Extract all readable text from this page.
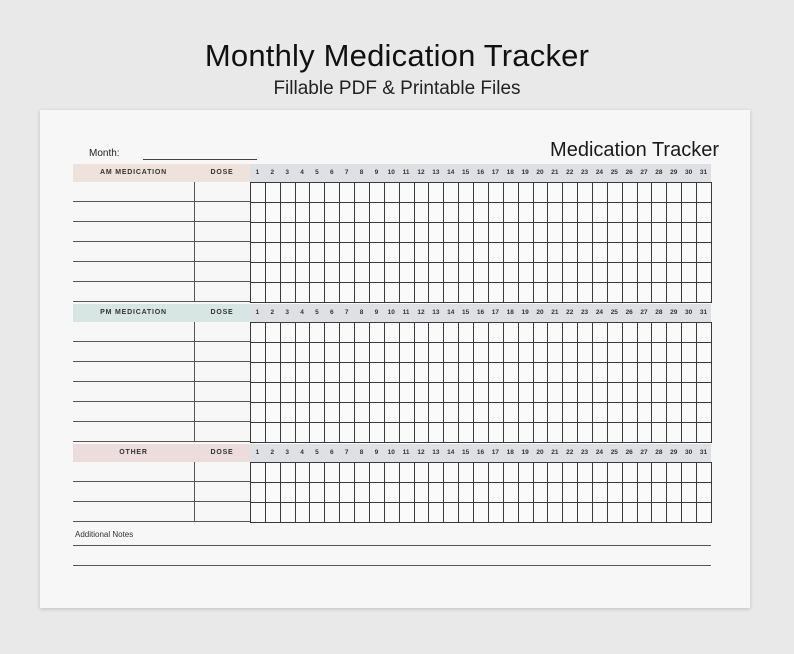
Monthly Medication Tracker
Fillable PDF & Printable Files
Month:	Medication Tracker
Additional Notes
AM MEDICATION	DOSE	1	2	3	4	5	6	7	8	9	10	11	12	13	14	15	16	17	18	19	20	21	22	23	24	25	26	27	28	29	30	31
PM MEDICATION	DOSE	1	2	3	4	5	6	7	8	9	10	11	12	13	14	15	16	17	18	19	20	21	22	23	24	25	26	27	28	29	30	31
OTHER	DOSE	1	2	3	4	5	6	7	8	9	10	11	12	13	14	15	16	17	18	19	20	21	22	23	24	25	26	27	28	29	30	31
